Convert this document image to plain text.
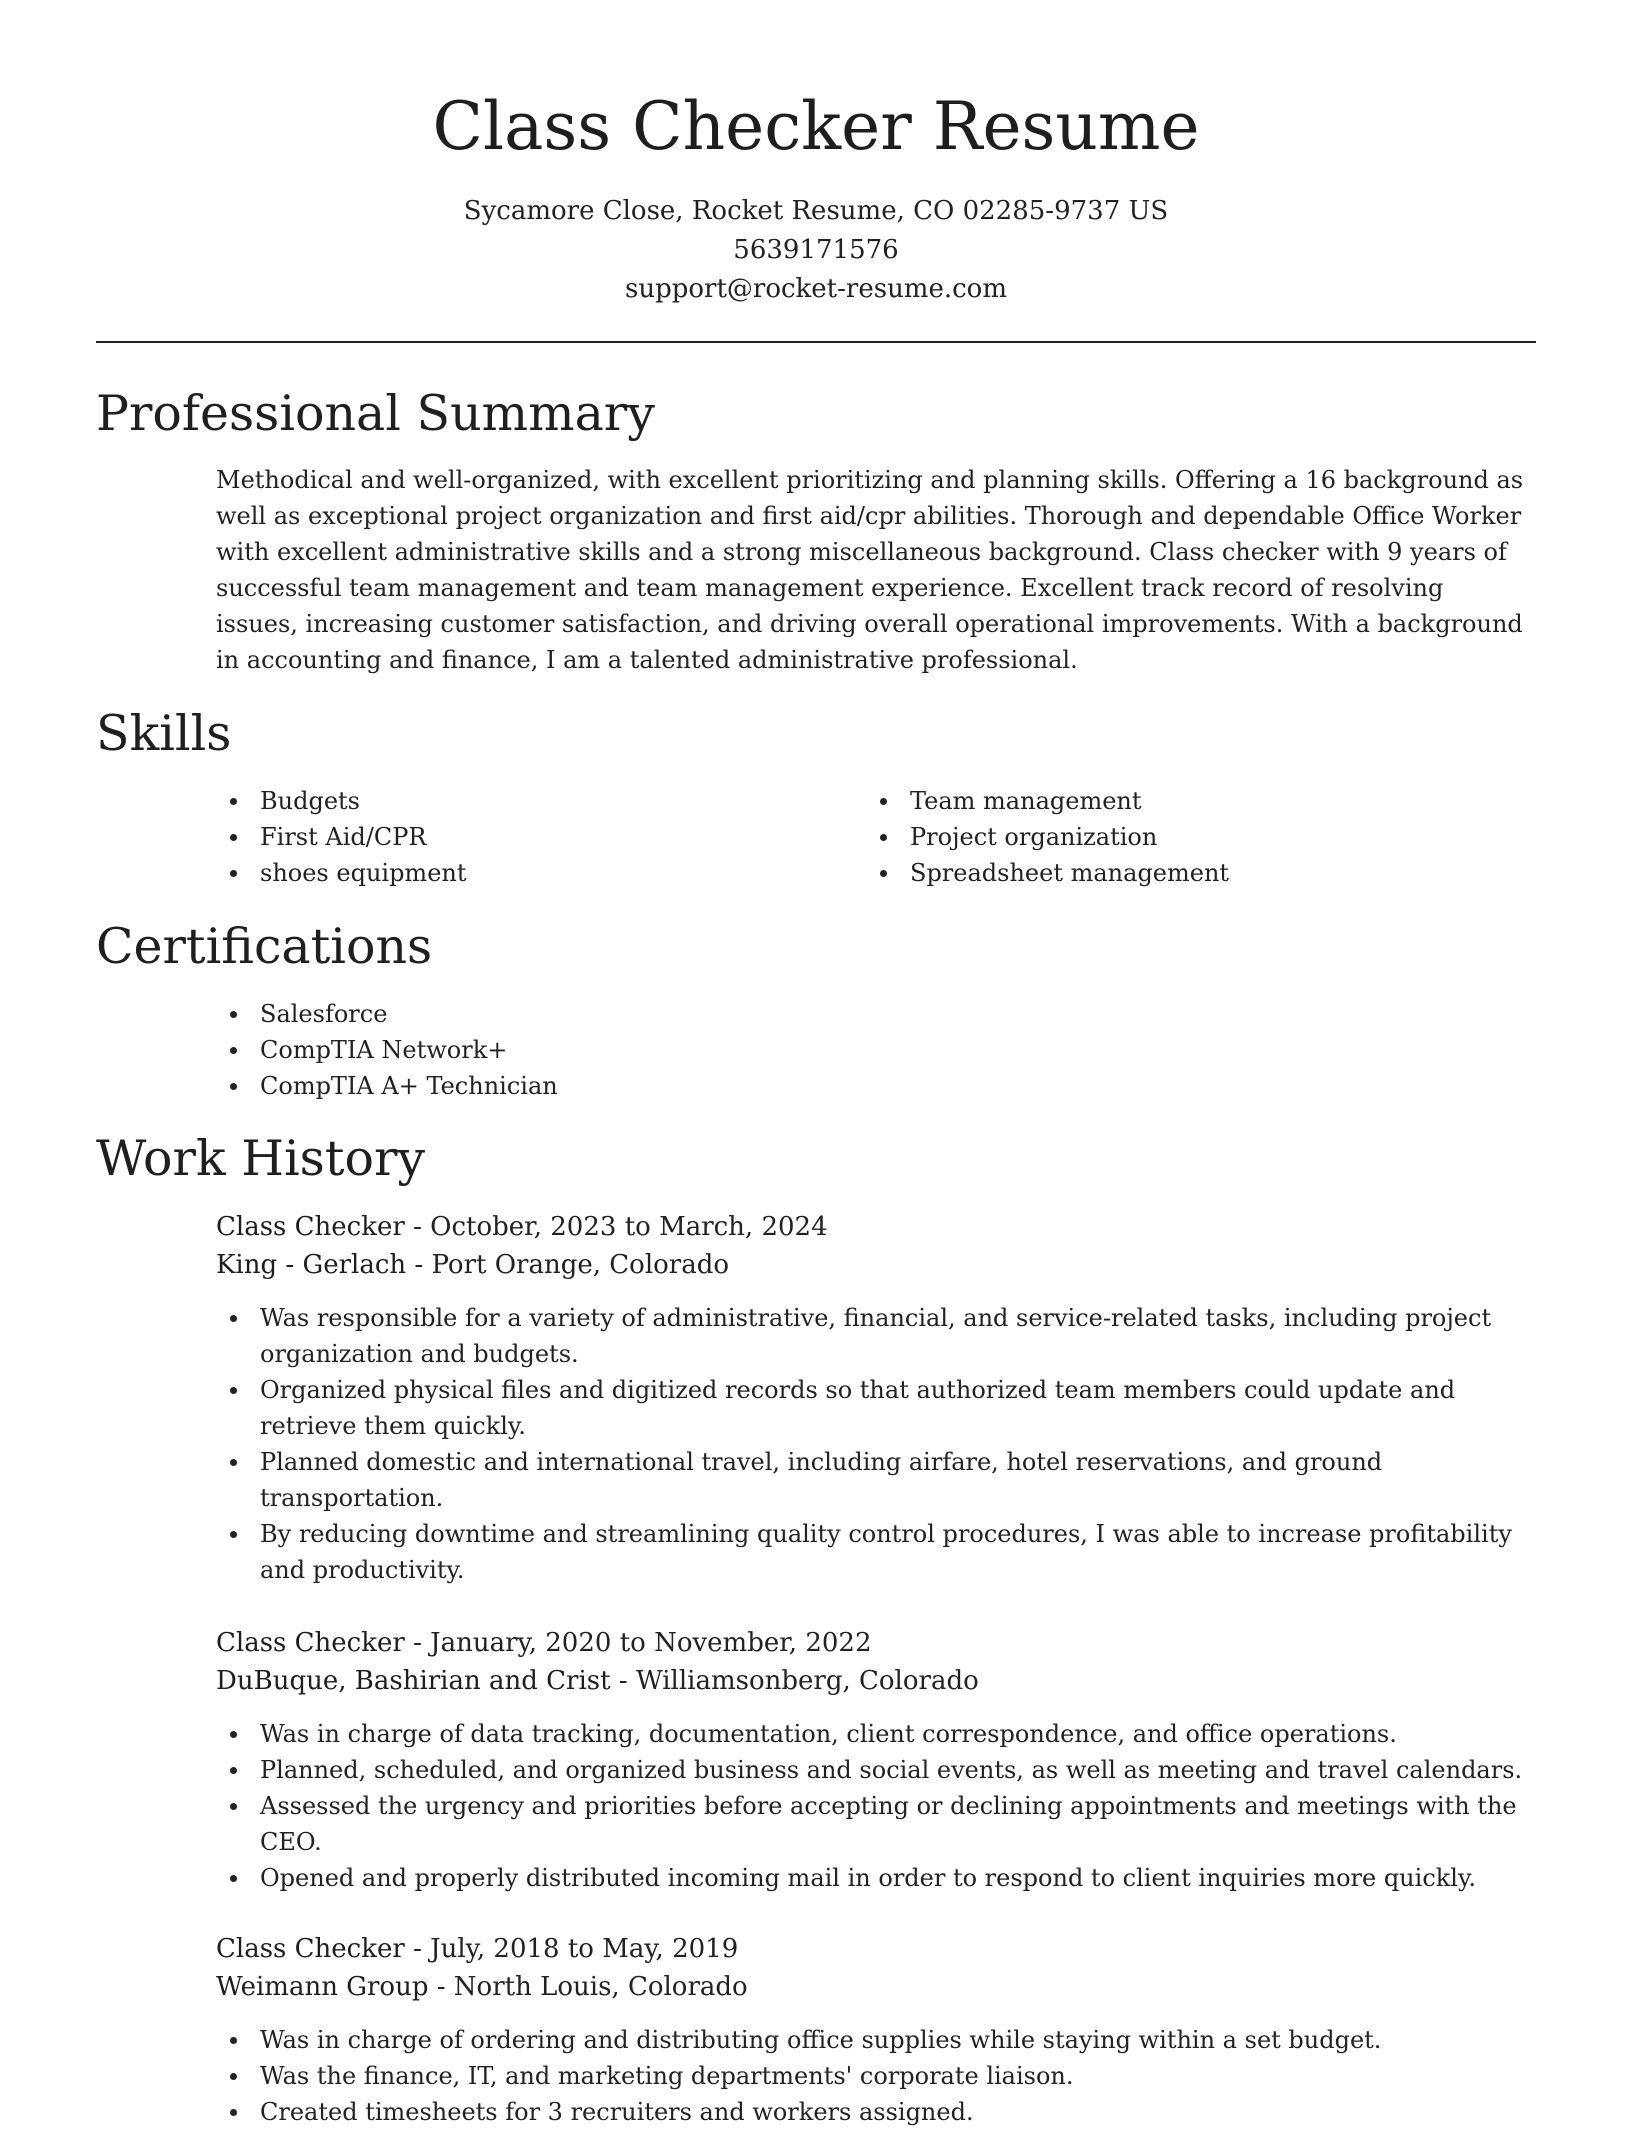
Class Checker Resume
Sycamore Close, Rocket Resume, CO 02285-9737 US
5639171576
support@rocket-resume.com
Professional Summary

Methodical and well-organized, with excellent prioritizing and planning skills. Offering a 16 background as well as exceptional project organization and first aid/cpr abilities. Thorough and dependable Office Worker with excellent administrative skills and a strong miscellaneous background. Class checker with 9 years of successful team management and team management experience. Excellent track record of resolving issues, increasing customer satisfaction, and driving overall operational improvements. With a background in accounting and finance, I am a talented administrative professional.

Skills
Budgets
First Aid/CPR
shoes equipment
Team management
Project organization
Spreadsheet management
Certifications
Salesforce
CompTIA Network+
CompTIA A+ Technician
Work History
Class Checker - October, 2023 to March, 2024
King - Gerlach - Port Orange, Colorado
Was responsible for a variety of administrative, financial, and service-related tasks, including project organization and budgets.
Organized physical files and digitized records so that authorized team members could update and retrieve them quickly.
Planned domestic and international travel, including airfare, hotel reservations, and ground transportation.
By reducing downtime and streamlining quality control procedures, I was able to increase profitability and productivity.
Class Checker - January, 2020 to November, 2022
DuBuque, Bashirian and Crist - Williamsonberg, Colorado
Was in charge of data tracking, documentation, client correspondence, and office operations.
Planned, scheduled, and organized business and social events, as well as meeting and travel calendars.
Assessed the urgency and priorities before accepting or declining appointments and meetings with the CEO.
Opened and properly distributed incoming mail in order to respond to client inquiries more quickly.
Class Checker - July, 2018 to May, 2019
Weimann Group - North Louis, Colorado
Was in charge of ordering and distributing office supplies while staying within a set budget.
Was the finance, IT, and marketing departments' corporate liaison.
Created timesheets for 3 recruiters and workers assigned.
